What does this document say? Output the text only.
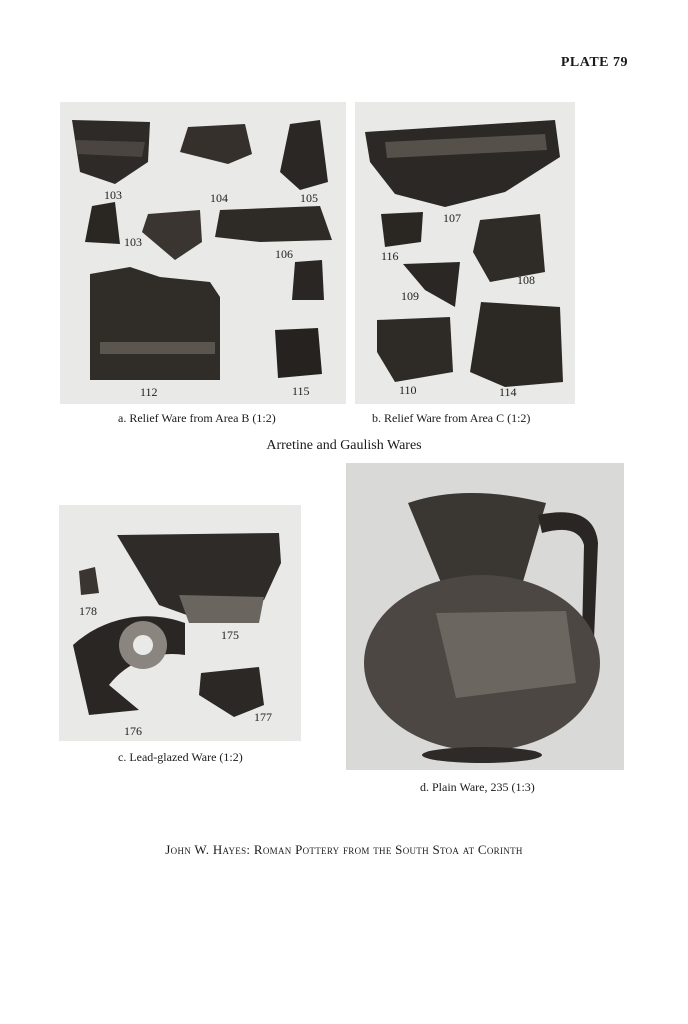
PLATE 79
103	104	105
103
106
112	115
107
116
108
109
110	114
a. Relief Ware from Area B (1:2)	b. Relief Ware from Area C (1:2)
Arretine and Gaulish Wares
178
175
176
177
c. Lead-glazed Ware (1:2)
d. Plain Ware, 235 (1:3)
John W. Hayes: Roman Pottery from the South Stoa at Corinth
